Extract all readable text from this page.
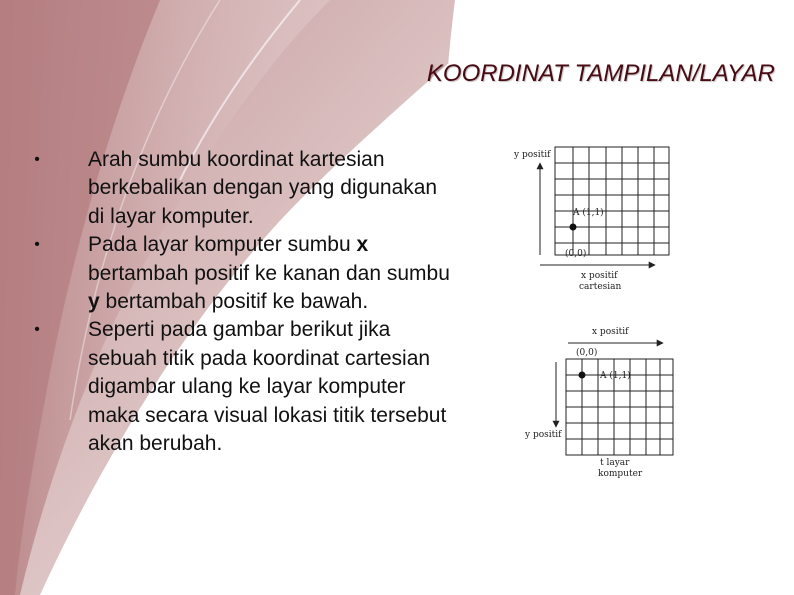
KOORDINAT TAMPILAN/LAYAR
• Arah sumbu koordinat kartesian berkebalikan dengan yang digunakan di layar komputer.
• Pada layar komputer sumbu x bertambah positif ke kanan dan sumbu y bertambah positif ke bawah.
• Seperti pada gambar berikut jika sebuah titik pada koordinat cartesian digambar ulang ke layar komputer maka secara visual lokasi titik tersebut akan berubah.
y positif
A (1,1)
(0,0)
x positif
cartesian
x positif
(0,0)
A (1,1)
y positif
t layar
komputer
